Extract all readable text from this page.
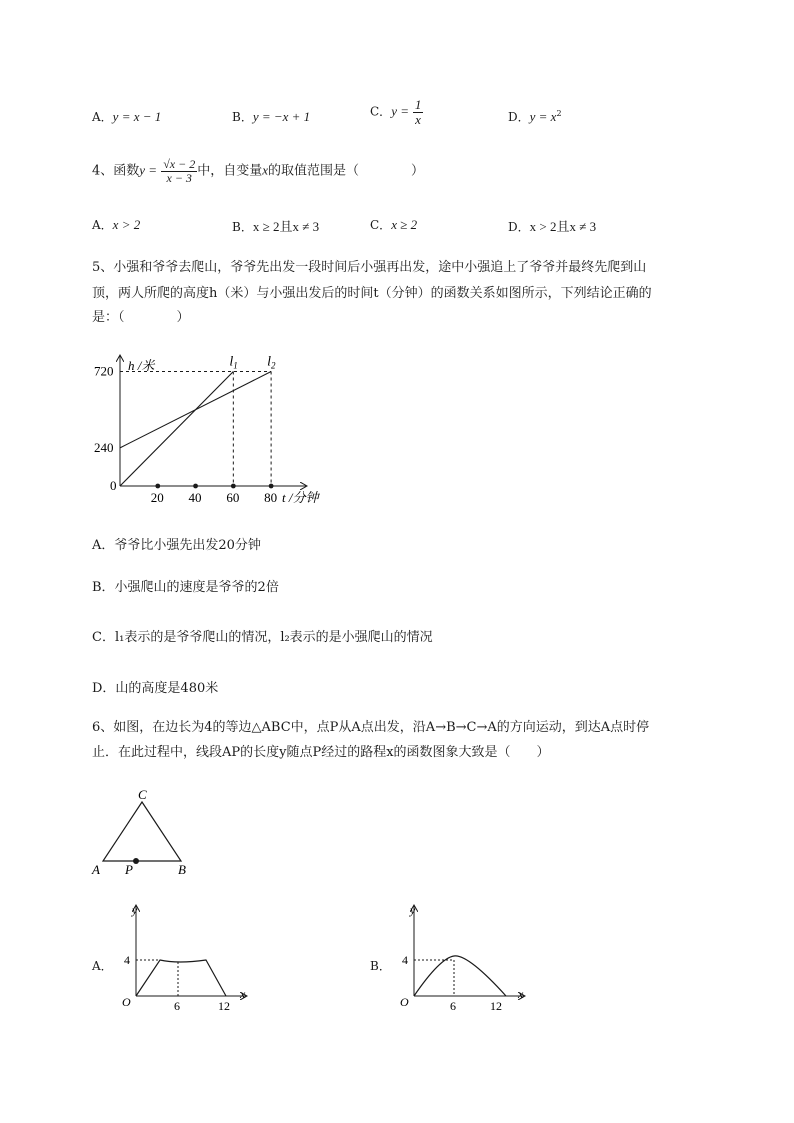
A．y = x − 1	B．y = −x + 1	C．$y = \frac{1}{x}$	D．$y = x^2$
4、函数$y = \frac{√x - 2}{x - 3}$ 中，自变量x的取值范围是（　　　　）
A．x > 2	B．x ≥ 2且x ≠ 3	C．x ≥ 2	D．x > 2且x ≠ 3
5、小强和爷爷去爬山，爷爷先出发一段时间后小强再出发，途中小强追上了爷爷并最终先爬到山
顶，两人所爬的高度h（米）与小强出发后的时间t（分钟）的函数关系如图所示，下列结论正确的
是：（　　　　）
$l_1$ $l_2$
240
720
20 40 60 80
0
h /米
t /分钟
A．爷爷比小强先出发20分钟
B．小强爬山的速度是爷爷的2倍
C．l₁表示的是爷爷爬山的情况，l₂表示的是小强爬山的情况
D．山的高度是480米
6、如图，在边长为4的等边△ABC中，点P从A点出发，沿A→B→C→A的方向运动，到达A点时停
止．在此过程中，线段AP的长度y随点P经过的路程x的函数图象大致是（　　）
C
A P	B
A．
y
x
O
4
6	12
B．
y
x
O
4
6	12
